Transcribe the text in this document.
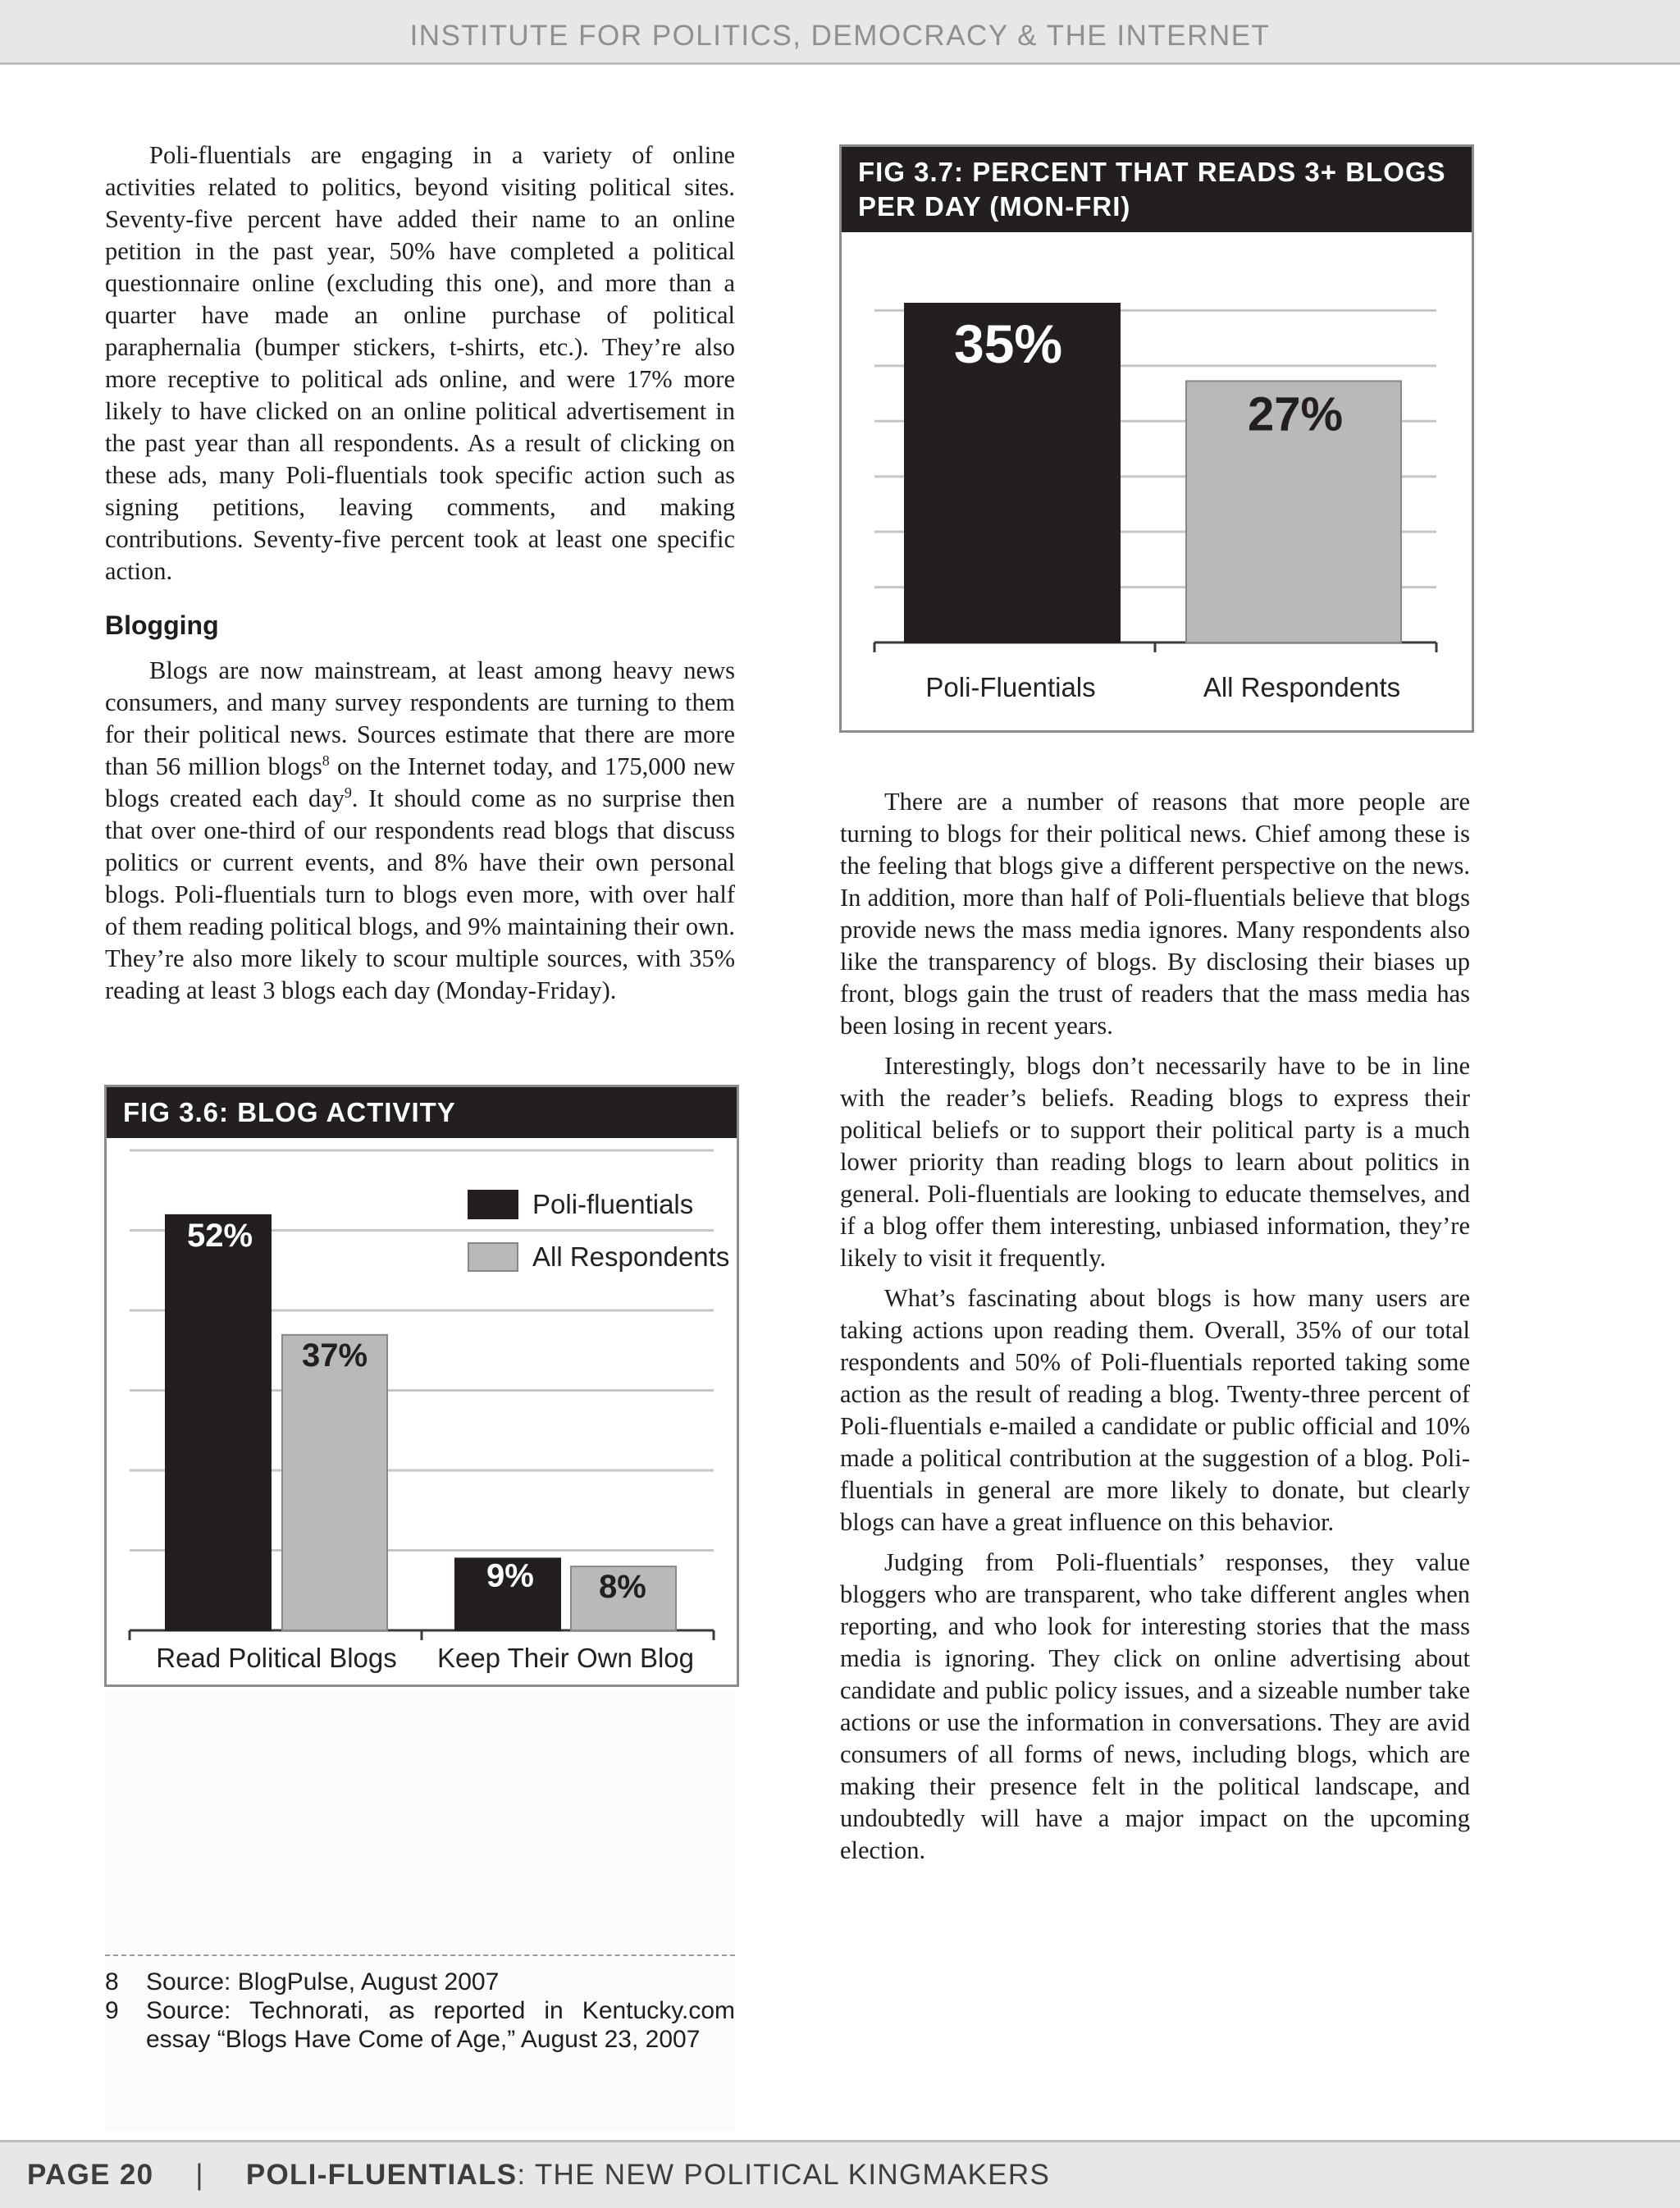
INSTITUTE FOR POLITICS, DEMOCRACY & THE INTERNET

Poli-fluentials are engaging in a variety of online activities related to politics, beyond visiting political sites. Seventy-five percent have added their name to an online petition in the past year, 50% have completed a political questionnaire online (excluding this one), and more than a quarter have made an online purchase of political paraphernalia (bumper stickers, t-shirts, etc.). They’re also more receptive to political ads online, and were 17% more likely to have clicked on an online political advertisement in the past year than all respondents. As a result of clicking on these ads, many Poli-fluentials took specific action such as signing petitions, leaving comments, and making contributions. Seventy-five percent took at least one specific action.

Blogging

Blogs are now mainstream, at least among heavy news consumers, and many survey respondents are turning to them for their political news. Sources estimate that there are more than 56 million blogs$^8$ on the Internet today, and 175,000 new blogs created each day$^9$. It should come as no surprise then that over one-third of our respondents read blogs that discuss politics or current events, and 8% have their own personal blogs. Poli-fluentials turn to blogs even more, with over half of them reading political blogs, and 9% maintaining their own. They’re also more likely to scour multiple sources, with 35% reading at least 3 blogs each day (Monday-Friday).

FIG 3.7: PERCENT THAT READS 3+ BLOGS PER DAY (MON-FRI)
35%
Poli-Fluentials
27%
All Respondents
FIG 3.6: BLOG ACTIVITY
52%
37%
Read Political Blogs
9% 8%
Keep Their Own Blog
Poli-fluentials
All Respondents

There are a number of reasons that more people are turning to blogs for their political news. Chief among these is the feeling that blogs give a different perspective on the news. In addition, more than half of Poli-fluentials believe that blogs provide news the mass media ignores. Many respondents also like the transparency of blogs. By disclosing their biases up front, blogs gain the trust of readers that the mass media has been losing in recent years.

Interestingly, blogs don’t necessarily have to be in line with the reader’s beliefs. Reading blogs to express their political beliefs or to support their political party is a much lower priority than reading blogs to learn about politics in general. Poli-fluentials are looking to educate themselves, and if a blog offer them interesting, unbiased information, they’re likely to visit it frequently.

What’s fascinating about blogs is how many users are taking actions upon reading them. Overall, 35% of our total respondents and 50% of Poli-fluentials reported taking some action as the result of reading a blog. Twenty-three percent of Poli-fluentials e-mailed a candidate or public official and 10% made a political contribution at the suggestion of a blog. Poli-fluentials in general are more likely to donate, but clearly blogs can have a great influence on this behavior.

Judging from Poli-fluentials’ responses, they value bloggers who are transparent, who take different angles when reporting, and who look for interesting stories that the mass media is ignoring. They click on online advertising about candidate and public policy issues, and a sizeable number take actions or use the information in conversations. They are avid consumers of all forms of news, including blogs, which are making their presence felt in the political landscape, and undoubtedly will have a major impact on the upcoming election.

8	Source: BlogPulse, August 2007
9	Source: Technorati, as reported in Kentucky.com essay “Blogs Have Come of Age,” August 23, 2007
PAGE 20 | POLI-FLUENTIALS: THE NEW POLITICAL KINGMAKERS
